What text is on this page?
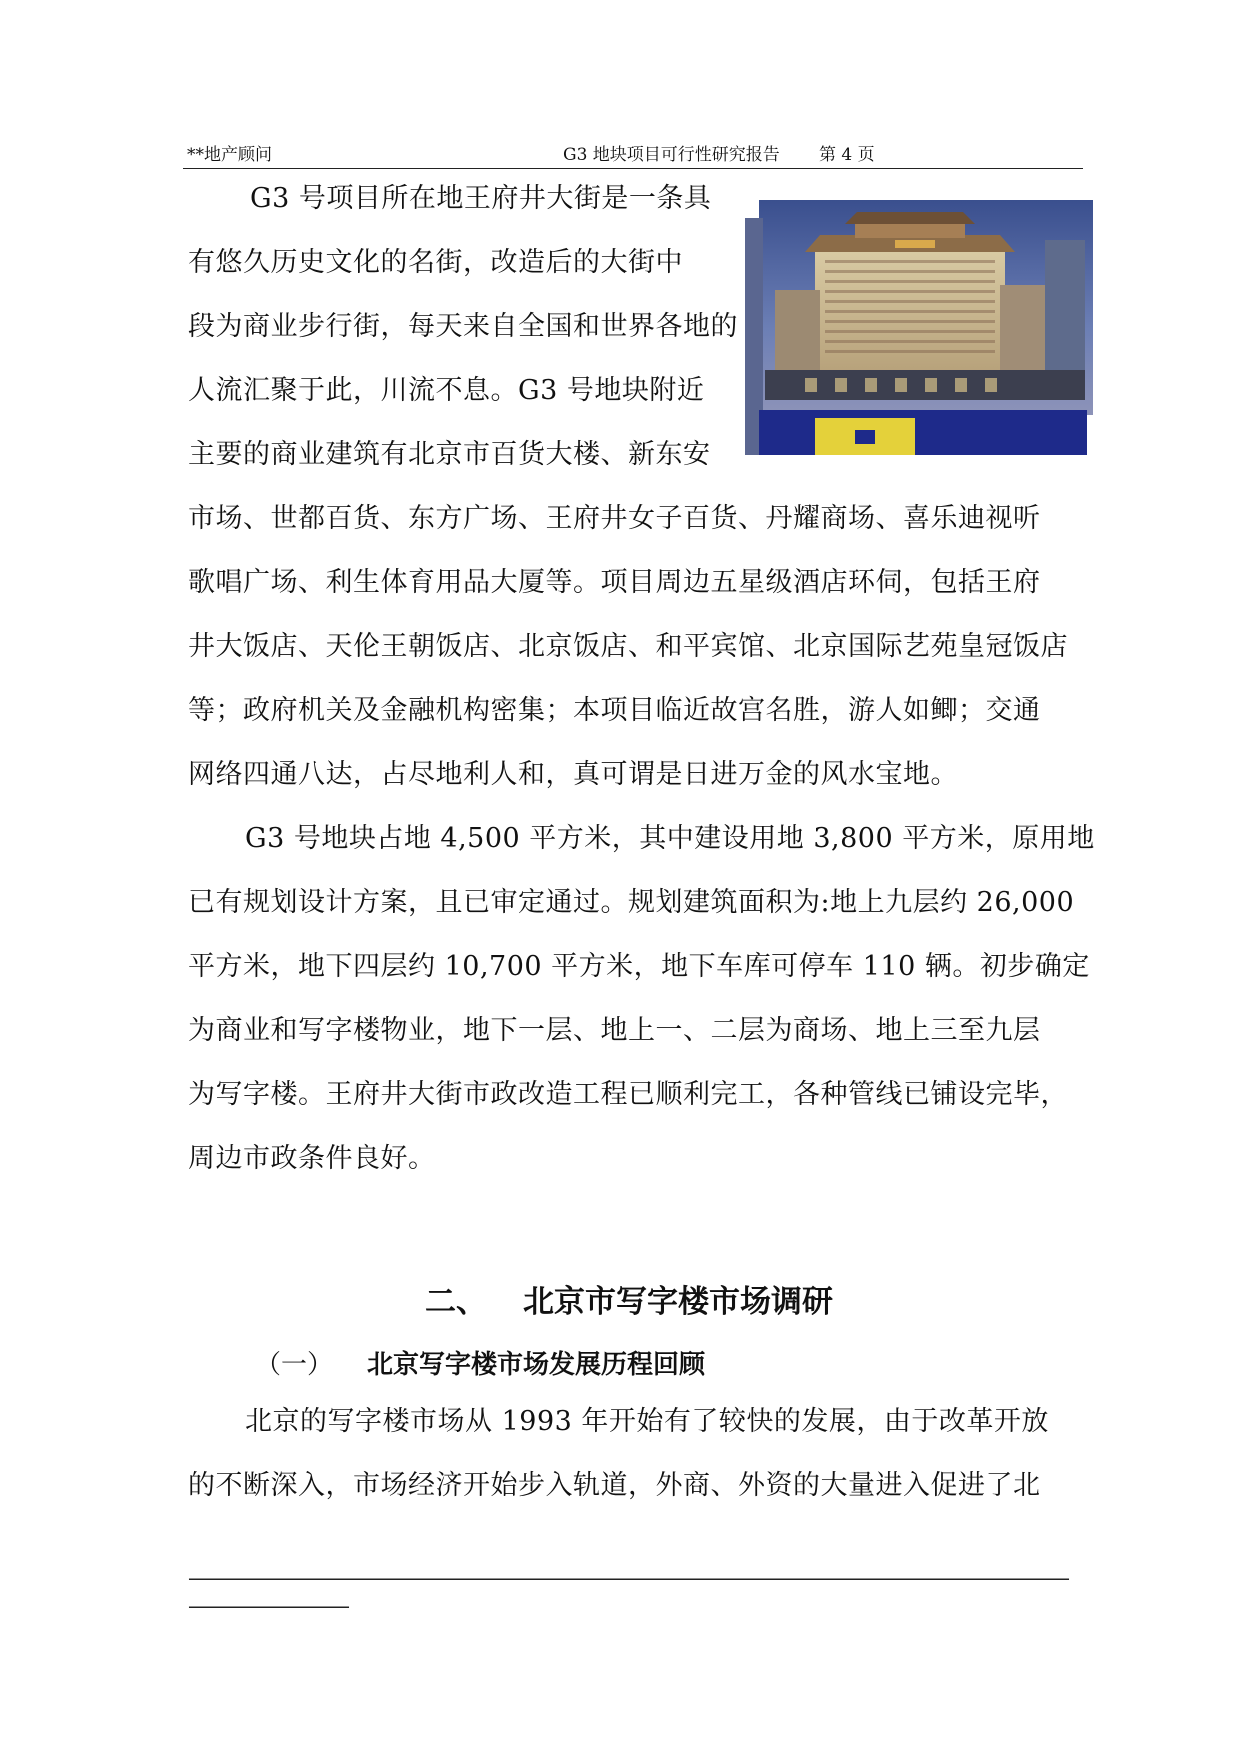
**地产顾问	G3 地块项目可行性研究报告 第 4 页
G3 号项目所在地王府井大街是一条具
有悠久历史文化的名街，改造后的大街中
段为商业步行街，每天来自全国和世界各地的
人流汇聚于此，川流不息。G3 号地块附近
主要的商业建筑有北京市百货大楼、新东安
市场、世都百货、东方广场、王府井女子百货、丹耀商场、喜乐迪视听
歌唱广场、利生体育用品大厦等。项目周边五星级酒店环伺，包括王府
井大饭店、天伦王朝饭店、北京饭店、和平宾馆、北京国际艺苑皇冠饭店
等；政府机关及金融机构密集；本项目临近故宫名胜，游人如鲫；交通
网络四通八达，占尽地利人和，真可谓是日进万金的风水宝地。
G3 号地块占地 4,500 平方米，其中建设用地 3,800 平方米，原用地
已有规划设计方案，且已审定通过。规划建筑面积为:地上九层约 26,000
平方米，地下四层约 10,700 平方米，地下车库可停车 110 辆。初步确定
为商业和写字楼物业，地下一层、地上一、二层为商场、地上三至九层
为写字楼。王府井大街市政改造工程已顺利完工，各种管线已铺设完毕，
周边市政条件良好。
二、 北京市写字楼市场调研
（一） 北京写字楼市场发展历程回顾
北京的写字楼市场从 1993 年开始有了较快的发展，由于改革开放
的不断深入，市场经济开始步入轨道，外商、外资的大量进入促进了北
————————————————————————————————————————————
————————
